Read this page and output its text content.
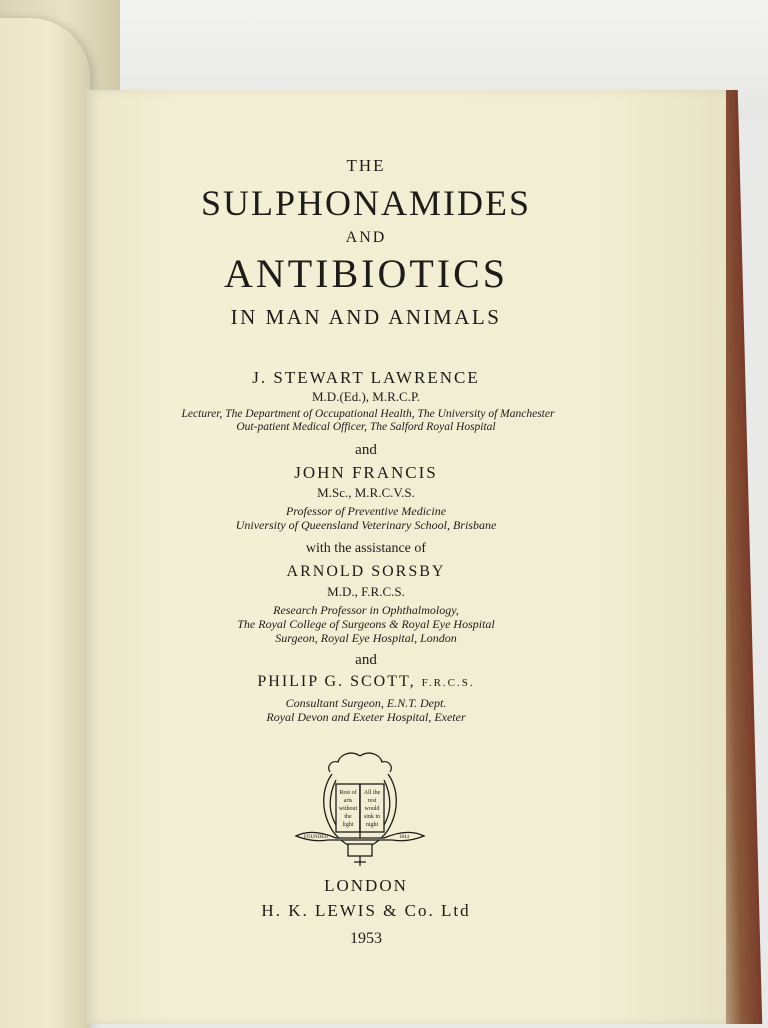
THE
SULPHONAMIDES
AND
ANTIBIOTICS
IN MAN AND ANIMALS
J. STEWART LAWRENCE
M.D.(Ed.), M.R.C.P.
Lecturer, The Department of Occupational Health, The University of Manchester
Out-patient Medical Officer, The Salford Royal Hospital
and
JOHN FRANCIS
M.Sc., M.R.C.V.S.
Professor of Preventive Medicine
University of Queensland Veterinary School, Brisbane
with the assistance of
ARNOLD SORSBY
M.D., F.R.C.S.
Research Professor in Ophthalmology,
The Royal College of Surgeons & Royal Eye Hospital
Surgeon, Royal Eye Hospital, London
and
PHILIP G. SCOTT, F.R.C.S.
Consultant Surgeon, E.N.T. Dept.
Royal Devon and Exeter Hospital, Exeter
LONDON
H. K. LEWIS & Co. Ltd
1953
Rest of
arts
without
the
light
All the
rest
would
sink in
night
FOUNDED	1844
